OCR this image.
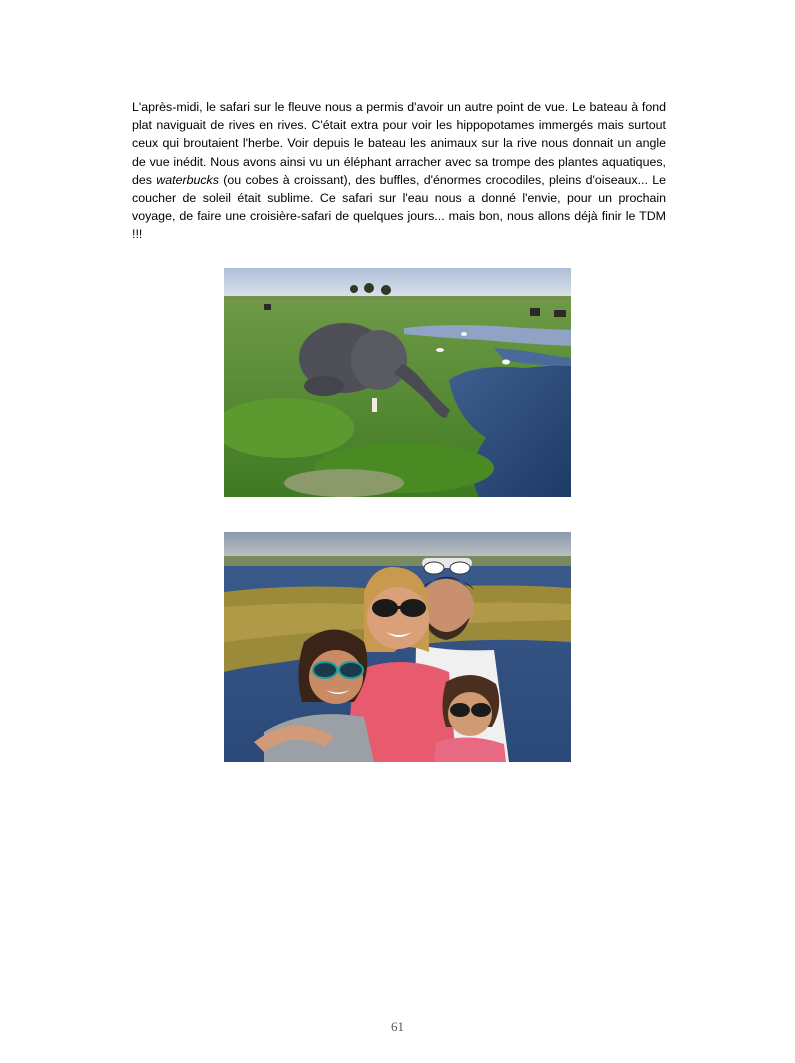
L'après-midi, le safari sur le fleuve nous a permis d'avoir un autre point de vue. Le bateau à fond plat naviguait de rives en rives. C'était extra pour voir les hippopotames immergés mais surtout ceux qui broutaient l'herbe. Voir depuis le bateau les animaux sur la rive nous donnait un angle de vue inédit. Nous avons ainsi vu un éléphant arracher avec sa trompe des plantes aquatiques, des waterbucks (ou cobes à croissant), des buffles, d'énormes crocodiles, pleins d'oiseaux... Le coucher de soleil était sublime. Ce safari sur l'eau nous a donné l'envie, pour un prochain voyage, de faire une croisière-safari de quelques jours... mais bon, nous allons déjà finir le TDM !!!

61
